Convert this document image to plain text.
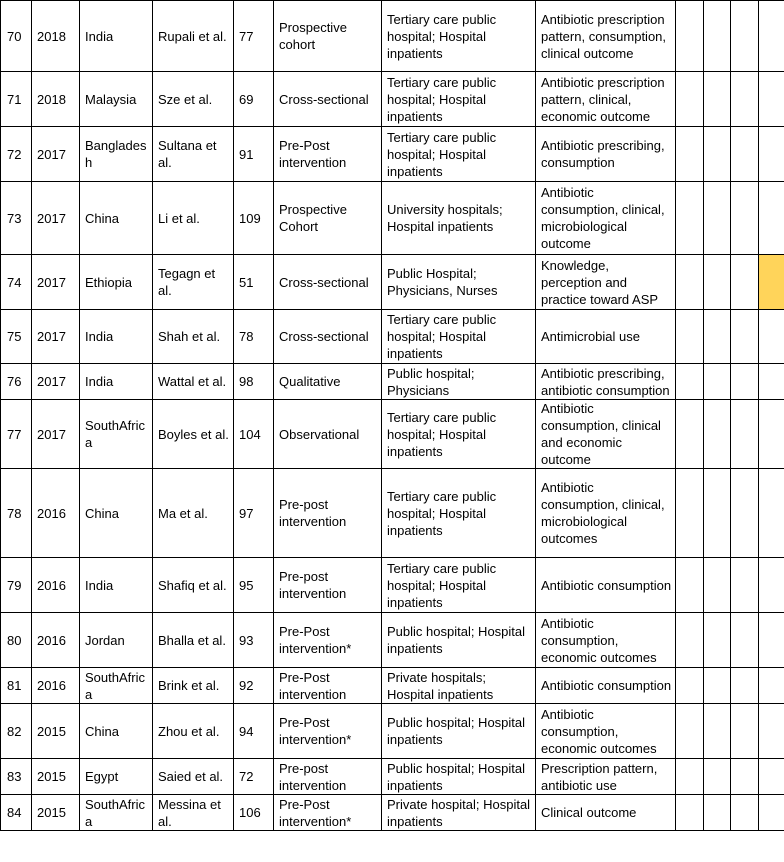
70	2018	India	Rupali et al.	77	Prospective cohort	Tertiary care public hospital; Hospital inpatients	Antibiotic prescription pattern, consumption, clinical outcome					
71	2018	Malaysia	Sze et al.	69	Cross-sectional	Tertiary care public hospital; Hospital inpatients	Antibiotic prescription pattern, clinical, economic outcome					
72	2017	Bangladesh	Sultana et al.	91	Pre-Post intervention	Tertiary care public hospital; Hospital inpatients	Antibiotic prescribing, consumption					
73	2017	China	Li et al.	109	Prospective Cohort	University hospitals; Hospital inpatients	Antibiotic consumption, clinical, microbiological outcome					
74	2017	Ethiopia	Tegagn et al.	51	Cross-sectional	Public Hospital; Physicians, Nurses	Knowledge, perception and practice toward ASP					
75	2017	India	Shah et al.	78	Cross-sectional	Tertiary care public hospital; Hospital inpatients	Antimicrobial use					
76	2017	India	Wattal et al.	98	Qualitative	Public hospital; Physicians	Antibiotic prescribing, antibiotic consumption					
77	2017	SouthAfrica	Boyles et al.	104	Observational	Tertiary care public hospital; Hospital inpatients	Antibiotic consumption, clinical and economic outcome					
78	2016	China	Ma et al.	97	Pre-post intervention	Tertiary care public hospital; Hospital inpatients	Antibiotic consumption, clinical, microbiological outcomes					
79	2016	India	Shafiq et al.	95	Pre-post intervention	Tertiary care public hospital; Hospital inpatients	Antibiotic consumption					
80	2016	Jordan	Bhalla et al.	93	Pre-Post intervention*	Public hospital; Hospital inpatients	Antibiotic consumption, economic outcomes					
81	2016	SouthAfrica	Brink et al.	92	Pre-Post intervention	Private hospitals; Hospital inpatients	Antibiotic consumption					
82	2015	China	Zhou et al.	94	Pre-Post intervention*	Public hospital; Hospital inpatients	Antibiotic consumption, economic outcomes					
83	2015	Egypt	Saied et al.	72	Pre-post intervention	Public hospital; Hospital inpatients	Prescription pattern, antibiotic use					
84	2015	SouthAfrica	Messina et al.	106	Pre-Post intervention*	Private hospital; Hospital inpatients	Clinical outcome					
